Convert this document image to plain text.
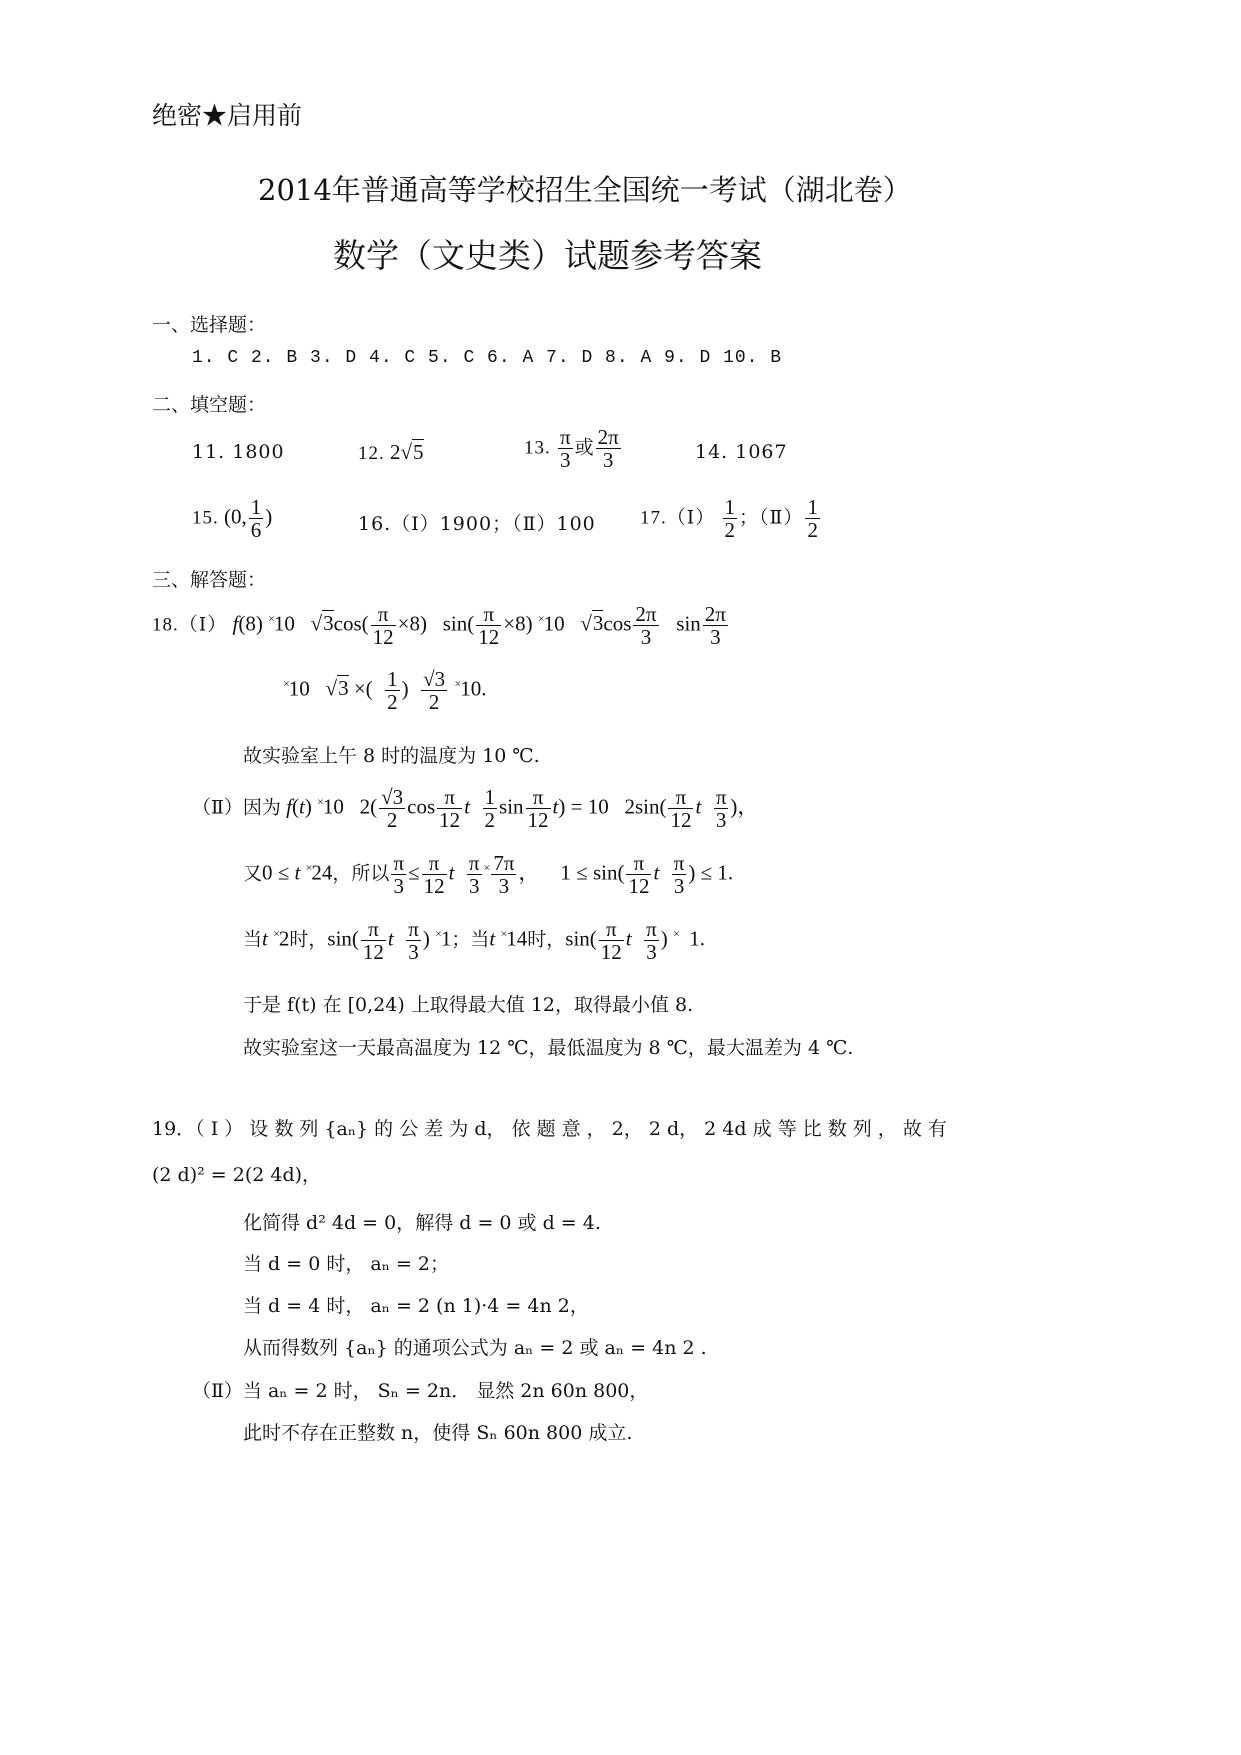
绝密★启用前
2014年普通高等学校招生全国统一考试（湖北卷）
数学（文史类）试题参考答案
一、选择题：
1. C 2. B 3. D 4. C 5. C 6. A 7. D 8. A 9. D 10. B
二、填空题：
11. 1800	12. 2√5	13. $\frac{\pi}{3}$ 或 $\frac{2\pi}{3}$	14. 1067
15. (0, $\frac{1}{6}$ )	16.（Ⅰ）1900；（Ⅱ）100 17.（Ⅰ） $\frac{1}{2}$ ；（Ⅱ） $\frac{1}{2}$
三、解答题：
18.（Ⅰ） f(8) ×10   $√3\cos( \frac{\pi}{12} \times 8)$   $\sin( \frac{\pi}{12} \times 8)$ ×10   $√3\cos \frac{2\pi}{3}$ $\sin \frac{2\pi}{3}$
×10   √3 ×( $\frac{1}{2}$ ) $\frac{√3}{2} ^\times 10$.
故实验室上午 8 时的温度为 10 ℃.
（Ⅱ）因为 f(t) ×10   $2( \frac{√3}{2}$ $\cos \frac{\pi}{12}$ t $\frac{1}{2}$ $\sin \frac{\pi}{12} t) = 10$   $2\sin( \frac{\pi}{12}$ t $\frac{\pi}{3}$ )，
又0 ≤ t ×24，所以 $\frac{\pi}{3} \le \frac{\pi}{12}$ t $\frac{\pi}{3} ^\times \frac{7\pi}{3}$ ，    $1 \le \sin( \frac{\pi}{12}$ t $\frac{\pi}{3}$ ) ≤ 1.
当t ×2时，$\sin( \frac{\pi}{12}$ t $\frac{\pi}{3}$ ) ×1；当t ×14时，$\sin( \frac{\pi}{12}$ t $\frac{\pi}{3}$ ) ×  1.
于是 f(t) 在 [0,24) 上取得最大值 12，取得最小值 8.
故实验室这一天最高温度为 12 ℃，最低温度为 8 ℃，最大温差为 4 ℃.
19．（ Ⅰ ） 设 数 列 {aₙ} 的 公 差 为 d， 依 题 意 ， 2， 2 d， 2 4d 成 等 比 数 列 ， 故 有
(2 d)² = 2(2 4d)，
化简得 d² 4d = 0，解得 d = 0 或 d = 4.
当 d = 0 时， aₙ = 2；
当 d = 4 时， aₙ = 2 (n 1)·4 = 4n 2，
从而得数列 {aₙ} 的通项公式为 aₙ = 2 或 aₙ = 4n 2 .
（Ⅱ）当 aₙ = 2 时， Sₙ = 2n． 显然 2n 60n 800，
此时不存在正整数 n，使得 Sₙ 60n 800 成立.
